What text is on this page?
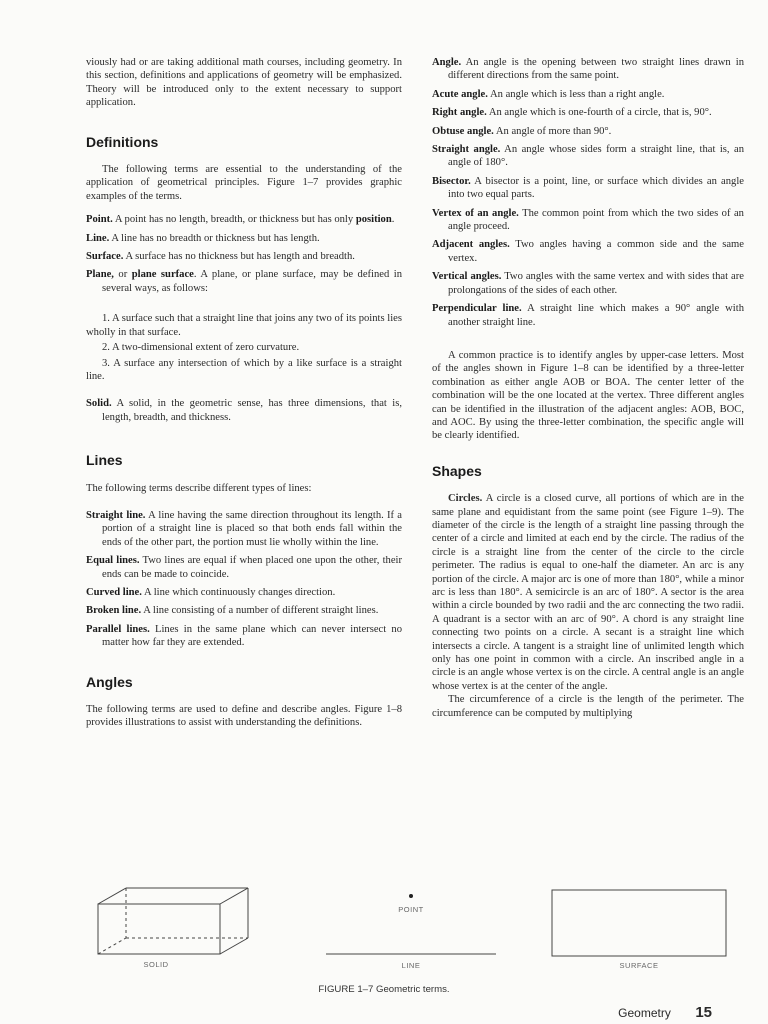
viously had or are taking additional math courses, including geometry. In this section, definitions and applications of geometry will be emphasized. Theory will be introduced only to the extent necessary to support application.

Definitions

The following terms are essential to the understanding of the application of geometrical principles. Figure 1–7 provides graphic examples of the terms.

Point. A point has no length, breadth, or thickness but has only position.
Line. A line has no breadth or thickness but has length.
Surface. A surface has no thickness but has length and breadth.
Plane, or plane surface. A plane, or plane surface, may be defined in several ways, as follows:

1. A surface such that a straight line that joins any two of its points lies wholly in that surface.

2. A two-dimensional extent of zero curvature.

3. A surface any intersection of which by a like surface is a straight line.

Solid. A solid, in the geometric sense, has three dimensions, that is, length, breadth, and thickness.
Lines

The following terms describe different types of lines:

Straight line. A line having the same direction throughout its length. If a portion of a straight line is placed so that both ends fall within the ends of the other part, the portion must lie wholly within the line.
Equal lines. Two lines are equal if when placed one upon the other, their ends can be made to coincide.
Curved line. A line which continuously changes direction.
Broken line. A line consisting of a number of different straight lines.
Parallel lines. Lines in the same plane which can never intersect no matter how far they are extended.
Angles

The following terms are used to define and describe angles. Figure 1–8 provides illustrations to assist with understanding the definitions.

Angle. An angle is the opening between two straight lines drawn in different directions from the same point.
Acute angle. An angle which is less than a right angle.
Right angle. An angle which is one-fourth of a circle, that is, 90°.
Obtuse angle. An angle of more than 90°.
Straight angle. An angle whose sides form a straight line, that is, an angle of 180°.
Bisector. A bisector is a point, line, or surface which divides an angle into two equal parts.
Vertex of an angle. The common point from which the two sides of an angle proceed.
Adjacent angles. Two angles having a common side and the same vertex.
Vertical angles. Two angles with the same vertex and with sides that are prolongations of the sides of each other.
Perpendicular line. A straight line which makes a 90° angle with another straight line.

A common practice is to identify angles by upper-case letters. Most of the angles shown in Figure 1–8 can be identified by a three-letter combination as either angle AOB or BOA. The center letter of the combination will be the one located at the vertex. Three different angles can be identified in the illustration of the adjacent angles: AOB, BOC, and AOC. By using the three-letter combination, the specific angle will be clearly identified.

Shapes

Circles. A circle is a closed curve, all portions of which are in the same plane and equidistant from the same point (see Figure 1–9). The diameter of the circle is the length of a straight line passing through the center of a circle and limited at each end by the circle. The radius of the circle is a straight line from the center of the circle to the circle perimeter. The radius is equal to one-half the diameter. An arc is any portion of the circle. A major arc is one of more than 180°, while a minor arc is less than 180°. A semicircle is an arc of 180°. A sector is the area within a circle bounded by two radii and the arc connecting the two radii. A quadrant is a sector with an arc of 90°. A chord is any straight line connecting two points on a circle. A secant is a straight line which intersects a circle. A tangent is a straight line of unlimited length which only has one point in common with a circle. An inscribed angle in a circle is an angle whose vertex is on the circle. A central angle is an angle whose vertex is at the center of the angle.

The circumference of a circle is the length of the perimeter. The circumference can be computed by multiplying

SOLID
POINT
LINE	SURFACE
FIGURE 1–7 Geometric terms.
Geometry 15
